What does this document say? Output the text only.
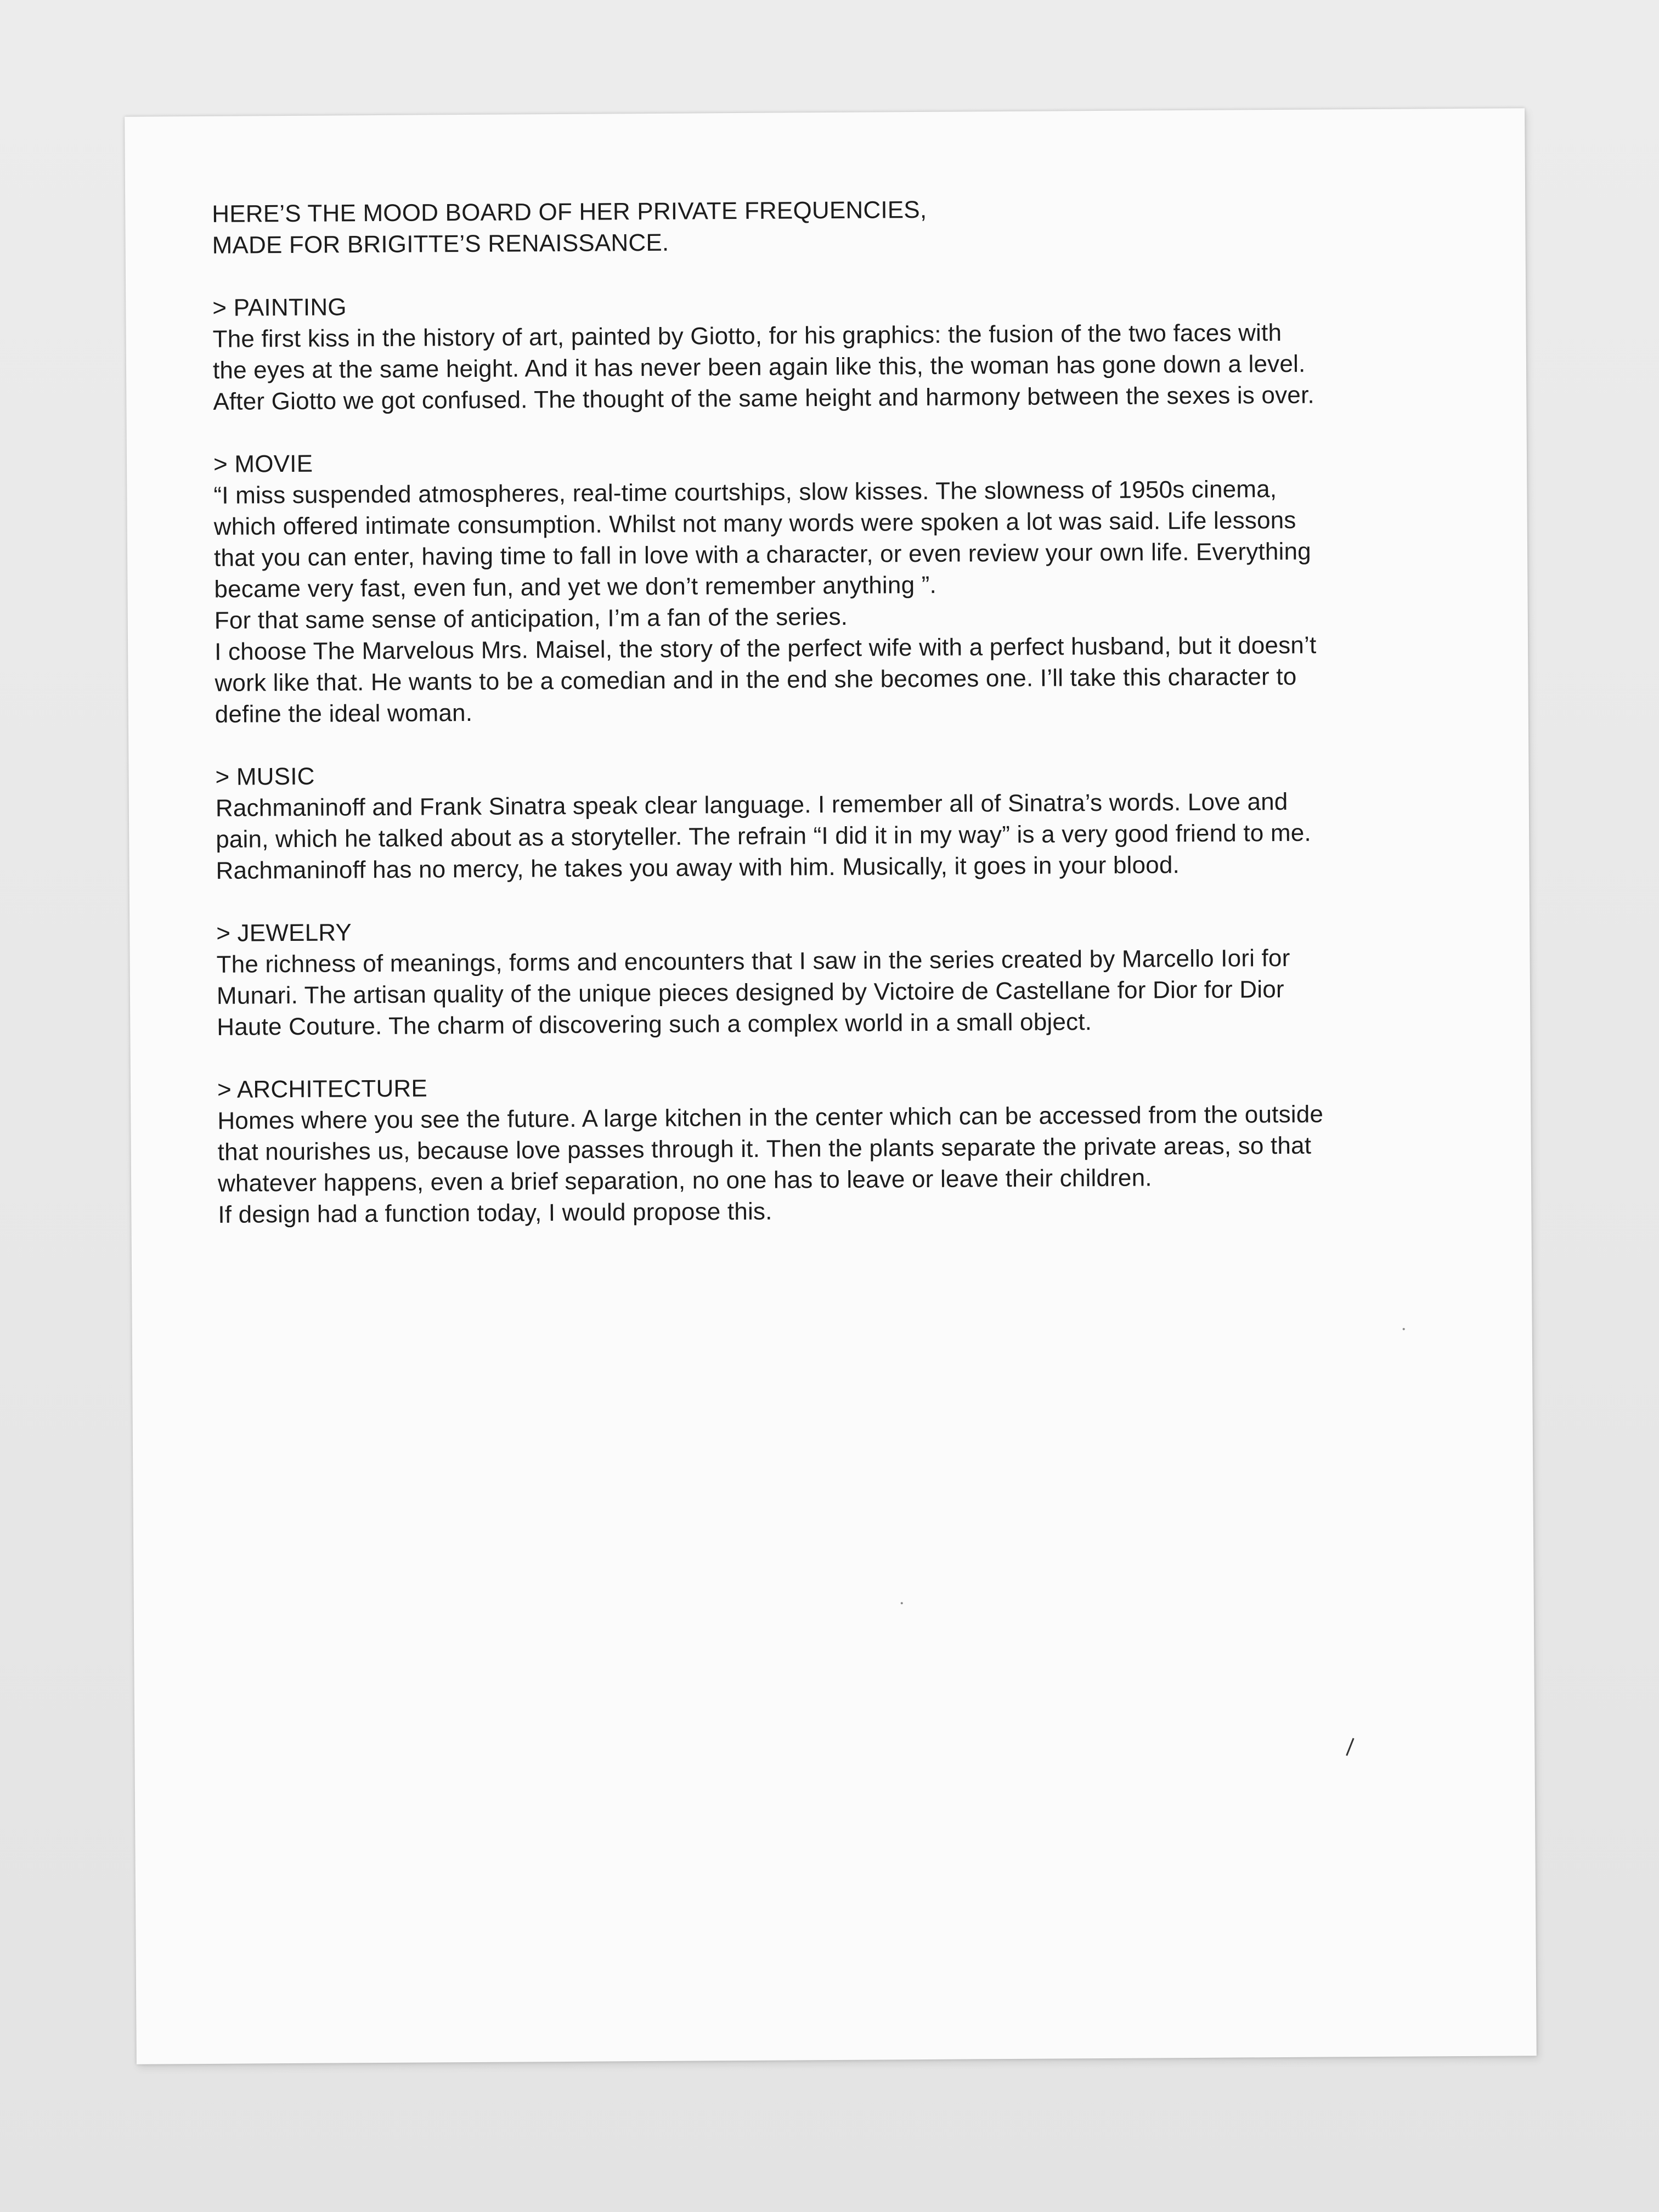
HERE’S THE MOOD BOARD OF HER PRIVATE FREQUENCIES,
MADE FOR BRIGITTE’S RENAISSANCE.
> PAINTING
The first kiss in the history of art, painted by Giotto, for his graphics: the fusion of the two faces with
the eyes at the same height. And it has never been again like this, the woman has gone down a level.
After Giotto we got confused. The thought of the same height and harmony between the sexes is over.
> MOVIE
“I miss suspended atmospheres, real-time courtships, slow kisses. The slowness of 1950s cinema,
which offered intimate consumption. Whilst not many words were spoken a lot was said. Life lessons
that you can enter, having time to fall in love with a character, or even review your own life. Everything
became very fast, even fun, and yet we don’t remember anything ”.
For that same sense of anticipation, I’m a fan of the series.
I choose The Marvelous Mrs. Maisel, the story of the perfect wife with a perfect husband, but it doesn’t
work like that. He wants to be a comedian and in the end she becomes one. I’ll take this character to
define the ideal woman.
> MUSIC
Rachmaninoff and Frank Sinatra speak clear language. I remember all of Sinatra’s words. Love and
pain, which he talked about as a storyteller. The refrain “I did it in my way” is a very good friend to me.
Rachmaninoff has no mercy, he takes you away with him. Musically, it goes in your blood.
> JEWELRY
The richness of meanings, forms and encounters that I saw in the series created by Marcello Iori for
Munari. The artisan quality of the unique pieces designed by Victoire de Castellane for Dior for Dior
Haute Couture. The charm of discovering such a complex world in a small object.
> ARCHITECTURE
Homes where you see the future. A large kitchen in the center which can be accessed from the outside
that nourishes us, because love passes through it. Then the plants separate the private areas, so that
whatever happens, even a brief separation, no one has to leave or leave their children.
If design had a function today, I would propose this.
